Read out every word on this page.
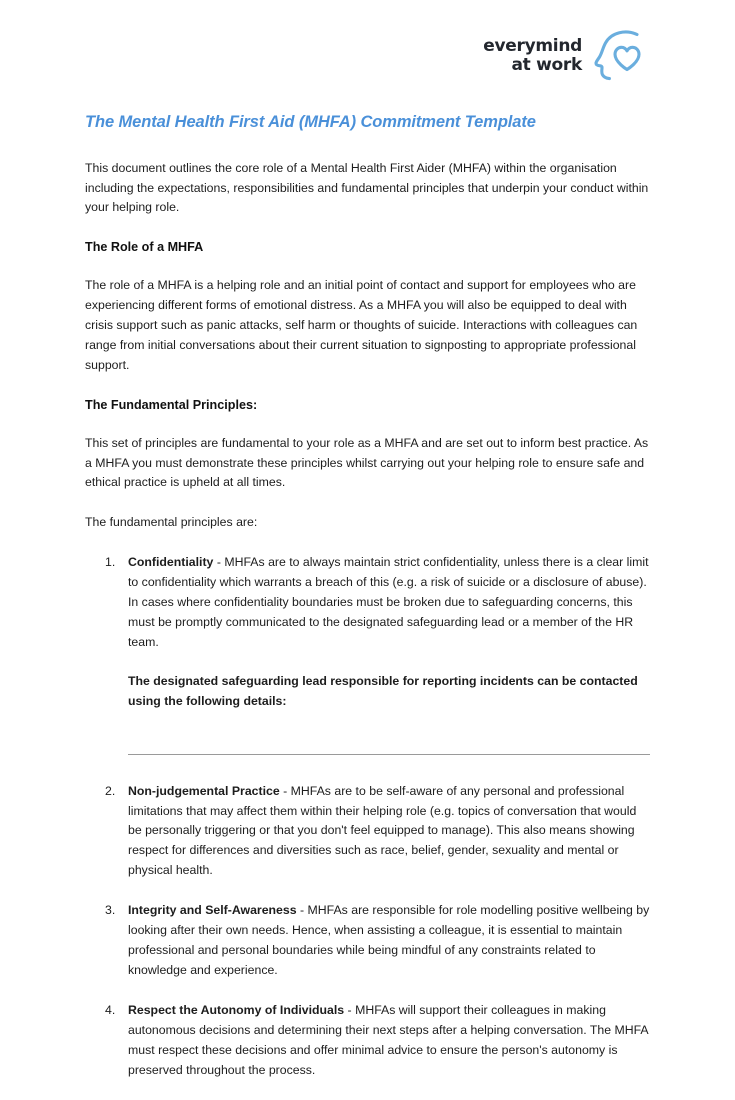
everymind
at work
The Mental Health First Aid (MHFA) Commitment Template

This document outlines the core role of a Mental Health First Aider (MHFA) within the organisation including the expectations, responsibilities and fundamental principles that underpin your conduct within your helping role.

The Role of a MHFA

The role of a MHFA is a helping role and an initial point of contact and support for employees who are experiencing different forms of emotional distress. As a MHFA you will also be equipped to deal with crisis support such as panic attacks, self harm or thoughts of suicide. Interactions with colleagues can range from initial conversations about their current situation to signposting to appropriate professional support.

The Fundamental Principles:

This set of principles are fundamental to your role as a MHFA and are set out to inform best practice. As a MHFA you must demonstrate these principles whilst carrying out your helping role to ensure safe and ethical practice is upheld at all times.

The fundamental principles are:

Confidentiality - MHFAs are to always maintain strict confidentiality, unless there is a clear limit to confidentiality which warrants a breach of this (e.g. a risk of suicide or a disclosure of abuse). In cases where confidentiality boundaries must be broken due to safeguarding concerns, this must be promptly communicated to the designated safeguarding lead or a member of the HR team.

The designated safeguarding lead responsible for reporting incidents can be contacted using the following details:

Non-judgemental Practice - MHFAs are to be self-aware of any personal and professional limitations that may affect them within their helping role (e.g. topics of conversation that would be personally triggering or that you don't feel equipped to manage). This also means showing respect for differences and diversities such as race, belief, gender, sexuality and mental or physical health.

Integrity and Self-Awareness - MHFAs are responsible for role modelling positive wellbeing by looking after their own needs. Hence, when assisting a colleague, it is essential to maintain professional and personal boundaries while being mindful of any constraints related to knowledge and experience.

Respect the Autonomy of Individuals - MHFAs will support their colleagues in making autonomous decisions and determining their next steps after a helping conversation. The MHFA must respect these decisions and offer minimal advice to ensure the person's autonomy is preserved throughout the process.
